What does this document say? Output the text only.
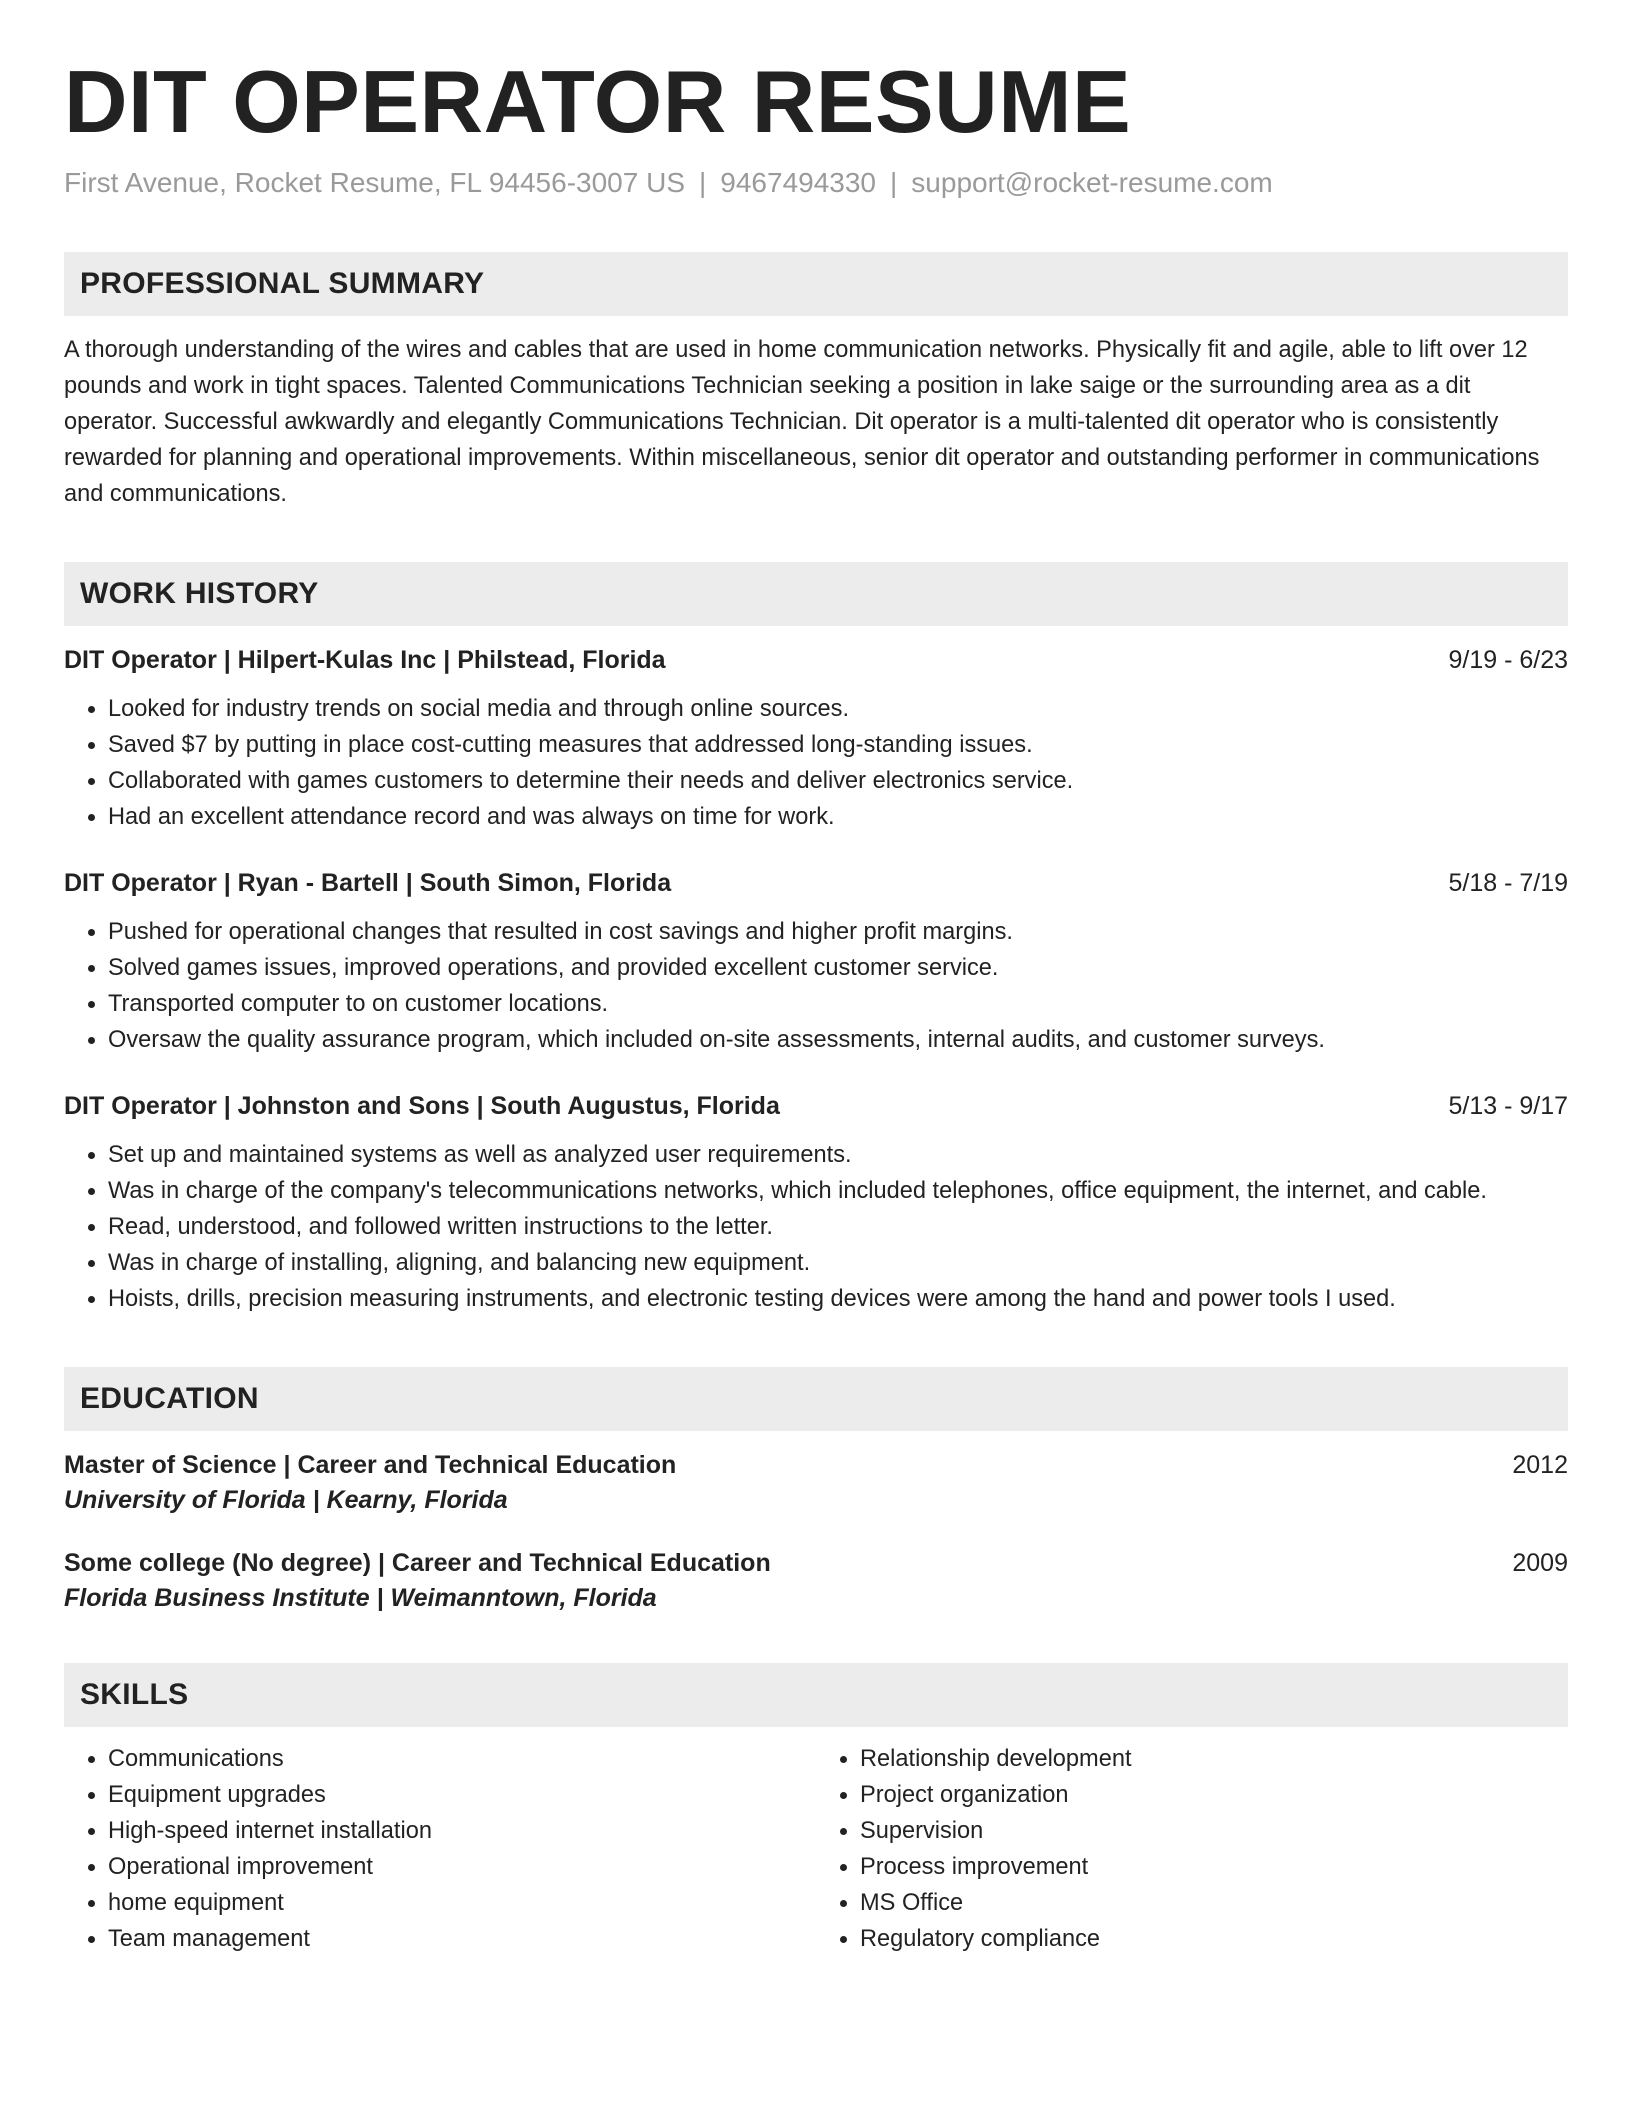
DIT OPERATOR RESUME
First Avenue, Rocket Resume, FL 94456-3007 US | 9467494330 | support@rocket-resume.com
PROFESSIONAL SUMMARY
A thorough understanding of the wires and cables that are used in home communication networks. Physically fit and agile, able to lift over 12 pounds and work in tight spaces. Talented Communications Technician seeking a position in lake saige or the surrounding area as a dit operator. Successful awkwardly and elegantly Communications Technician. Dit operator is a multi-talented dit operator who is consistently rewarded for planning and operational improvements. Within miscellaneous, senior dit operator and outstanding performer in communications and communications.
WORK HISTORY
DIT Operator | Hilpert-Kulas Inc | Philstead, Florida	9/19 - 6/23
• Looked for industry trends on social media and through online sources.
• Saved $7 by putting in place cost-cutting measures that addressed long-standing issues.
• Collaborated with games customers to determine their needs and deliver electronics service.
• Had an excellent attendance record and was always on time for work.
DIT Operator | Ryan - Bartell | South Simon, Florida	5/18 - 7/19
• Pushed for operational changes that resulted in cost savings and higher profit margins.
• Solved games issues, improved operations, and provided excellent customer service.
• Transported computer to on customer locations.
• Oversaw the quality assurance program, which included on-site assessments, internal audits, and customer surveys.
DIT Operator | Johnston and Sons | South Augustus, Florida	5/13 - 9/17
• Set up and maintained systems as well as analyzed user requirements.
• Was in charge of the company's telecommunications networks, which included telephones, office equipment, the internet, and cable.
• Read, understood, and followed written instructions to the letter.
• Was in charge of installing, aligning, and balancing new equipment.
• Hoists, drills, precision measuring instruments, and electronic testing devices were among the hand and power tools I used.
EDUCATION
Master of Science | Career and Technical Education	2012
University of Florida | Kearny, Florida
Some college (No degree) | Career and Technical Education	2009
Florida Business Institute | Weimanntown, Florida
SKILLS
• Communications
• Equipment upgrades
• High-speed internet installation
• Operational improvement
• home equipment
• Team management
• Relationship development
• Project organization
• Supervision
• Process improvement
• MS Office
• Regulatory compliance
